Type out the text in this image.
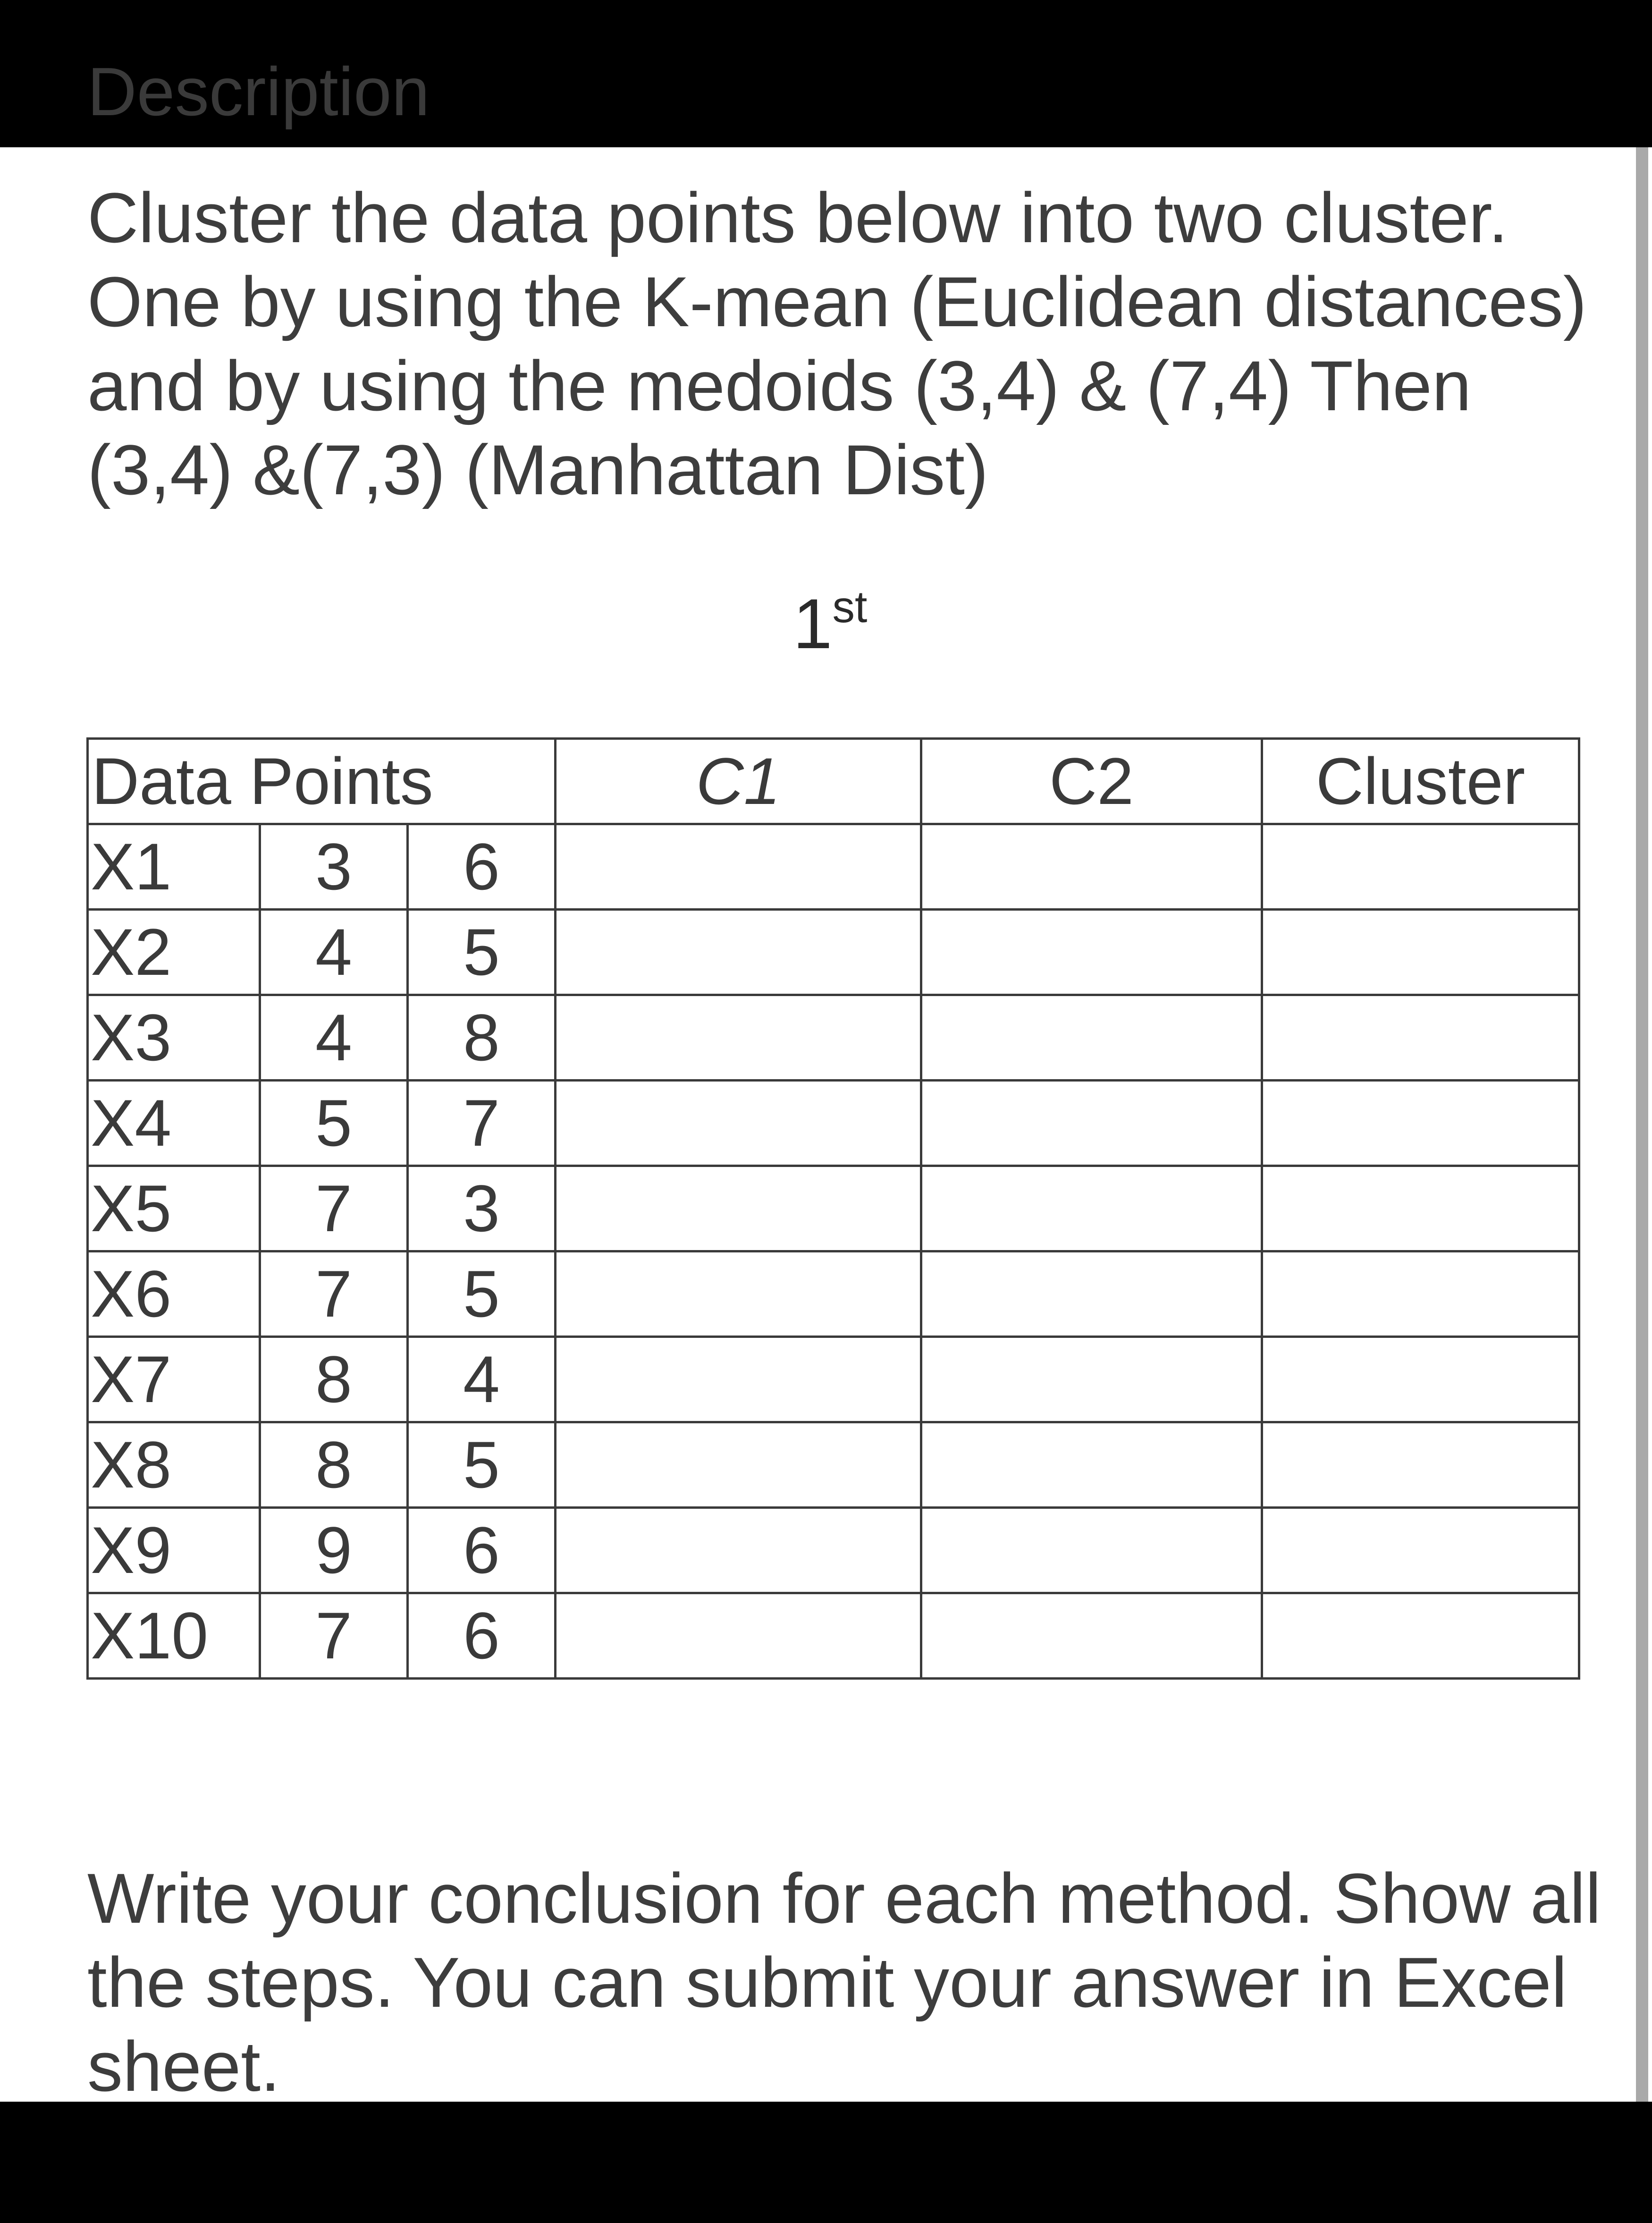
Description

Cluster the data points below into two cluster.
One by using the K-mean (Euclidean distances)
and by using the medoids (3,4) & (7,4) Then
(3,4) &(7,3) (Manhattan Dist)

1st
Data Points			C1	C2	Cluster
X1	3	6			
X2	4	5			
X3	4	8			
X4	5	7			
X5	7	3			
X6	7	5			
X7	8	4			
X8	8	5			
X9	9	6			
X10	7	6			

Write your conclusion for each method. Show all
the steps. You can submit your answer in Excel
sheet.
